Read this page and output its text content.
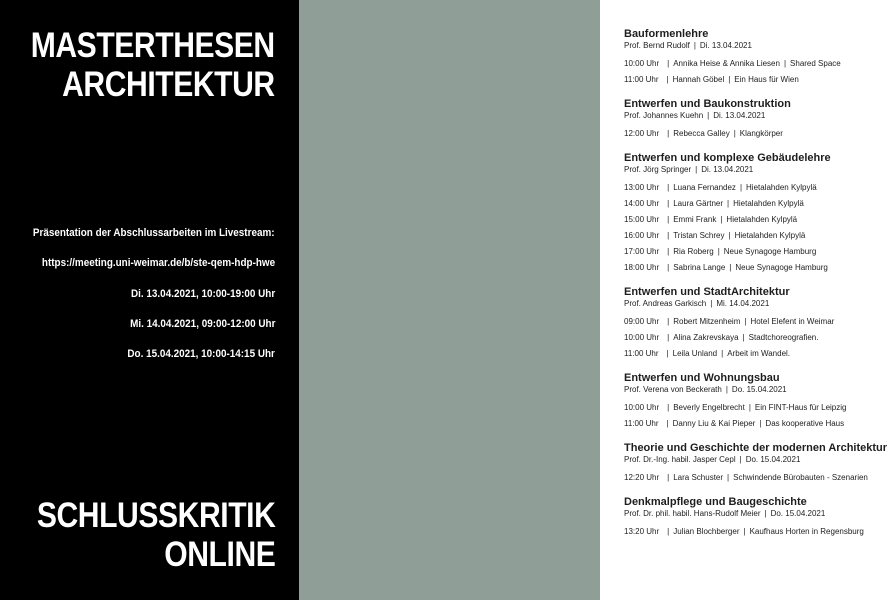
MASTERTHESEN
ARCHITEKTUR
Präsentation der Abschlussarbeiten im Livestream:
https://meeting.uni-weimar.de/b/ste-qem-hdp-hwe
Di. 13.04.2021, 10:00-19:00 Uhr
Mi. 14.04.2021, 09:00-12:00 Uhr
Do. 15.04.2021, 10:00-14:15 Uhr
SCHLUSSKRITIK
ONLINE
Bauformenlehre
Prof. Bernd Rudolf | Di. 13.04.2021
10:00 Uhr | Annika Heise & Annika Liesen | Shared Space
11:00 Uhr | Hannah Göbel | Ein Haus für Wien
Entwerfen und Baukonstruktion
Prof. Johannes Kuehn | Di. 13.04.2021
12:00 Uhr | Rebecca Galley | Klangkörper
Entwerfen und komplexe Gebäudelehre
Prof. Jörg Springer | Di. 13.04.2021
13:00 Uhr | Luana Fernandez | Hietalahden Kylpylä
14:00 Uhr | Laura Gärtner | Hietalahden Kylpylä
15:00 Uhr | Emmi Frank | Hietalahden Kylpylä
16:00 Uhr | Tristan Schrey | Hietalahden Kylpylä
17:00 Uhr | Ria Roberg | Neue Synagoge Hamburg
18:00 Uhr | Sabrina Lange | Neue Synagoge Hamburg
Entwerfen und StadtArchitektur
Prof. Andreas Garkisch | Mi. 14.04.2021
09:00 Uhr | Robert Mitzenheim | Hotel Elefent in Weimar
10:00 Uhr | Alina Zakrevskaya | Stadtchoreografien.
11:00 Uhr | Leila Unland | Arbeit im Wandel.
Entwerfen und Wohnungsbau
Prof. Verena von Beckerath | Do. 15.04.2021
10:00 Uhr | Beverly Engelbrecht | Ein FINT-Haus für Leipzig
11:00 Uhr | Danny Liu & Kai Pieper | Das kooperative Haus
Theorie und Geschichte der modernen Architektur
Prof. Dr.-Ing. habil. Jasper Cepl | Do. 15.04.2021
12:20 Uhr | Lara Schuster | Schwindende Bürobauten - Szenarien
Denkmalpflege und Baugeschichte
Prof. Dr. phil. habil. Hans-Rudolf Meier | Do. 15.04.2021
13:20 Uhr | Julian Blochberger | Kaufhaus Horten in Regensburg
